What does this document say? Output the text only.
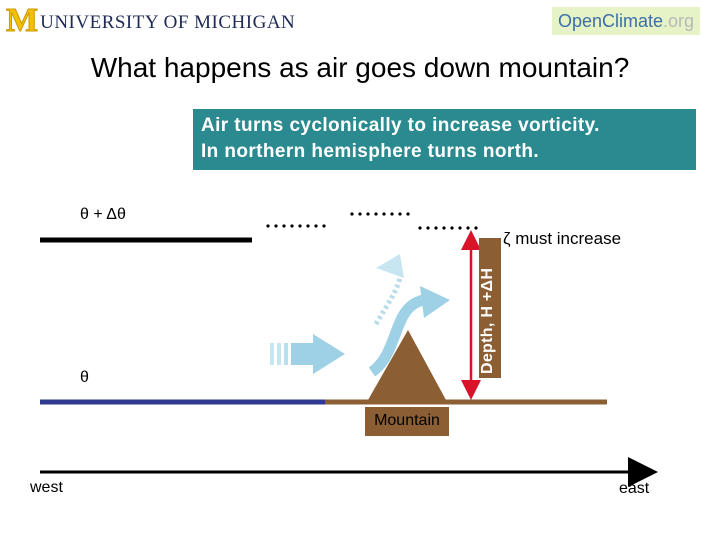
M UNIVERSITY OF MICHIGAN	OpenClimate.org
What happens as air goes down mountain?
Air turns cyclonically to increase vorticity.
In northern hemisphere turns north.
θ + Δθ
θ
ζ must increase
Depth, H +ΔH
Mountain
west	east
